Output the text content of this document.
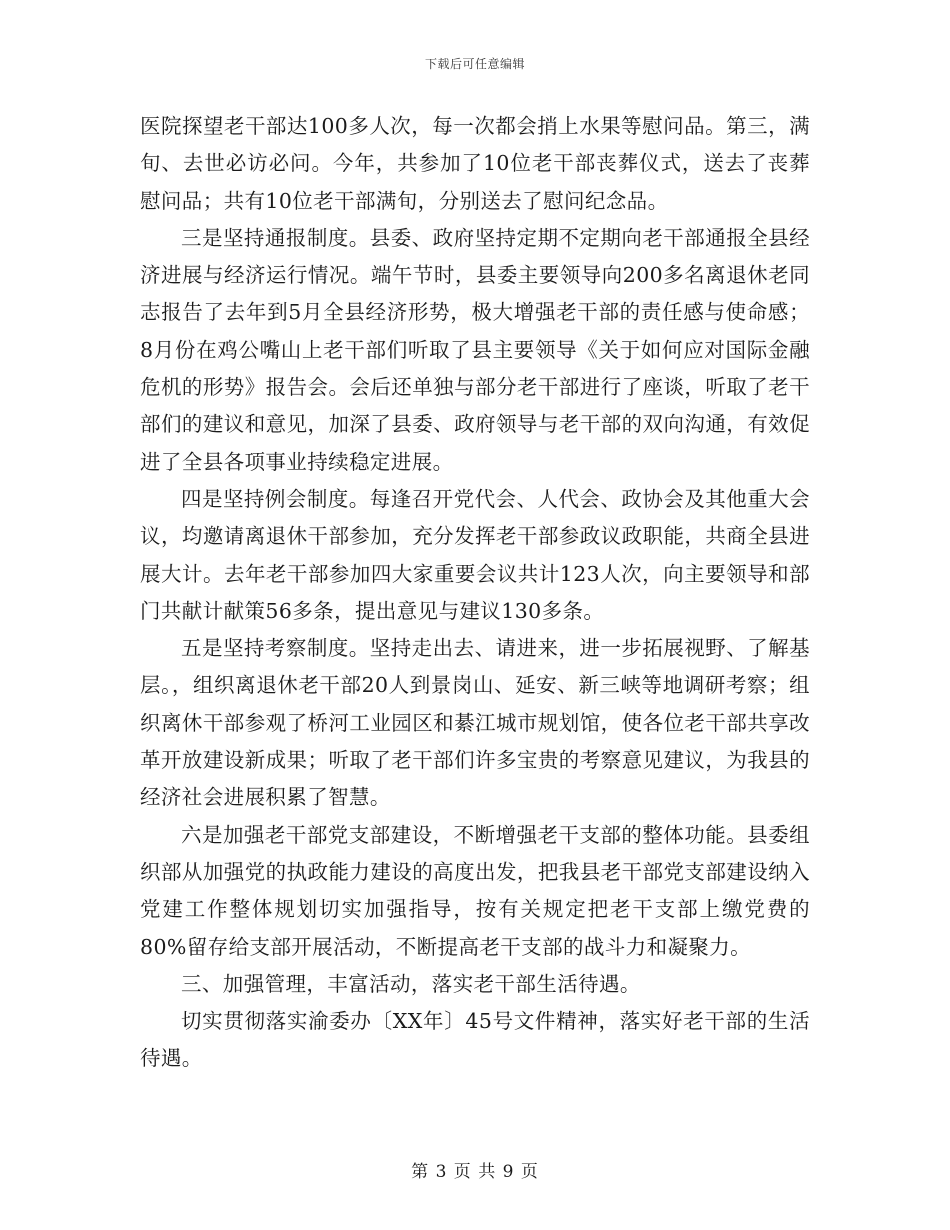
下载后可任意编辑

医院探望老干部达100多人次，每一次都会捎上水果等慰问品。第三，满旬、去世必访必问。今年，共参加了10位老干部丧葬仪式，送去了丧葬慰问品；共有10位老干部满旬，分别送去了慰问纪念品。

三是坚持通报制度。县委、政府坚持定期不定期向老干部通报全县经济进展与经济运行情况。端午节时，县委主要领导向200多名离退休老同志报告了去年到5月全县经济形势，极大增强老干部的责任感与使命感；8月份在鸡公嘴山上老干部们听取了县主要领导《关于如何应对国际金融危机的形势》报告会。会后还单独与部分老干部进行了座谈，听取了老干部们的建议和意见，加深了县委、政府领导与老干部的双向沟通，有效促进了全县各项事业持续稳定进展。

四是坚持例会制度。每逢召开党代会、人代会、政协会及其他重大会议，均邀请离退休干部参加，充分发挥老干部参政议政职能，共商全县进展大计。去年老干部参加四大家重要会议共计123人次，向主要领导和部门共献计献策56多条，提出意见与建议130多条。

五是坚持考察制度。坚持走出去、请进来，进一步拓展视野、了解基层。，组织离退休老干部20人到景岗山、延安、新三峡等地调研考察；组织离休干部参观了桥河工业园区和綦江城市规划馆，使各位老干部共享改革开放建设新成果；听取了老干部们许多宝贵的考察意见建议，为我县的经济社会进展积累了智慧。

六是加强老干部党支部建设，不断增强老干支部的整体功能。县委组织部从加强党的执政能力建设的高度出发，把我县老干部党支部建设纳入党建工作整体规划切实加强指导，按有关规定把老干支部上缴党费的80%留存给支部开展活动，不断提高老干支部的战斗力和凝聚力。

三、加强管理，丰富活动，落实老干部生活待遇。

切实贯彻落实渝委办〔XX年〕45号文件精神，落实好老干部的生活待遇。

第 3 页 共 9 页
